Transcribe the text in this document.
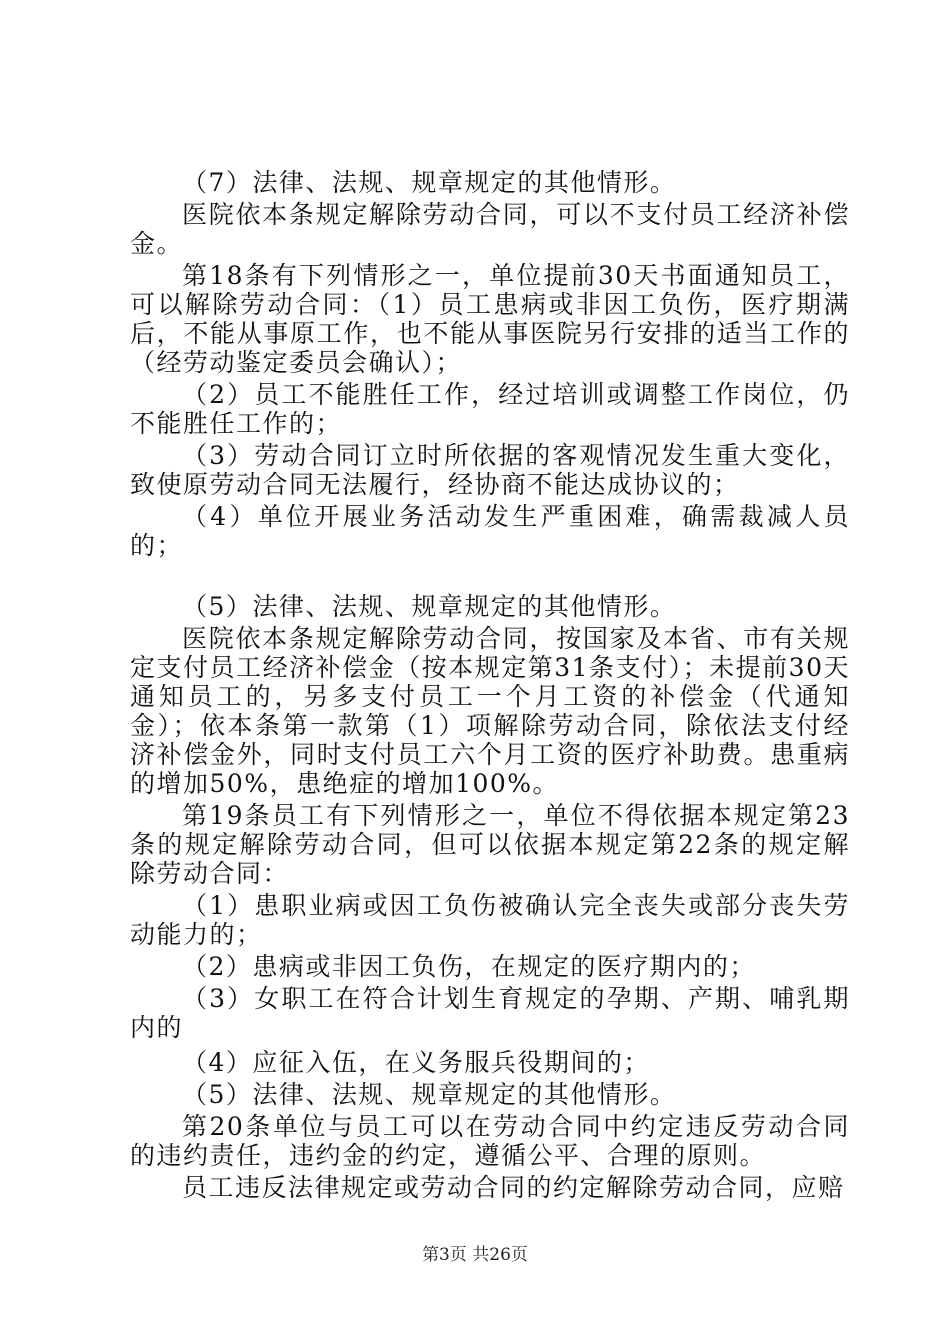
（7）法律、法规、规章规定的其他情形。

医院依本条规定解除劳动合同，可以不支付员工经济补偿金。

第18条有下列情形之一，单位提前30天书面通知员工，可以解除劳动合同：（1）员工患病或非因工负伤，医疗期满后，不能从事原工作，也不能从事医院另行安排的适当工作的（经劳动鉴定委员会确认）；

（2）员工不能胜任工作，经过培训或调整工作岗位，仍不能胜任工作的；

（3）劳动合同订立时所依据的客观情况发生重大变化，致使原劳动合同无法履行，经协商不能达成协议的；

（4）单位开展业务活动发生严重困难，确需裁减人员的；

（5）法律、法规、规章规定的其他情形。

医院依本条规定解除劳动合同，按国家及本省、市有关规定支付员工经济补偿金（按本规定第31条支付）；未提前30天通知员工的，另多支付员工一个月工资的补偿金（代通知金）；依本条第一款第（1）项解除劳动合同，除依法支付经济补偿金外，同时支付员工六个月工资的医疗补助费。患重病的增加50%，患绝症的增加100%。

第19条员工有下列情形之一，单位不得依据本规定第23条的规定解除劳动合同，但可以依据本规定第22条的规定解除劳动合同：

（1）患职业病或因工负伤被确认完全丧失或部分丧失劳动能力的；

（2）患病或非因工负伤，在规定的医疗期内的；

（3）女职工在符合计划生育规定的孕期、产期、哺乳期内的

（4）应征入伍，在义务服兵役期间的；

（5）法律、法规、规章规定的其他情形。

第20条单位与员工可以在劳动合同中约定违反劳动合同的违约责任，违约金的约定，遵循公平、合理的原则。

员工违反法律规定或劳动合同的约定解除劳动合同，应赔

第3页 共26页
